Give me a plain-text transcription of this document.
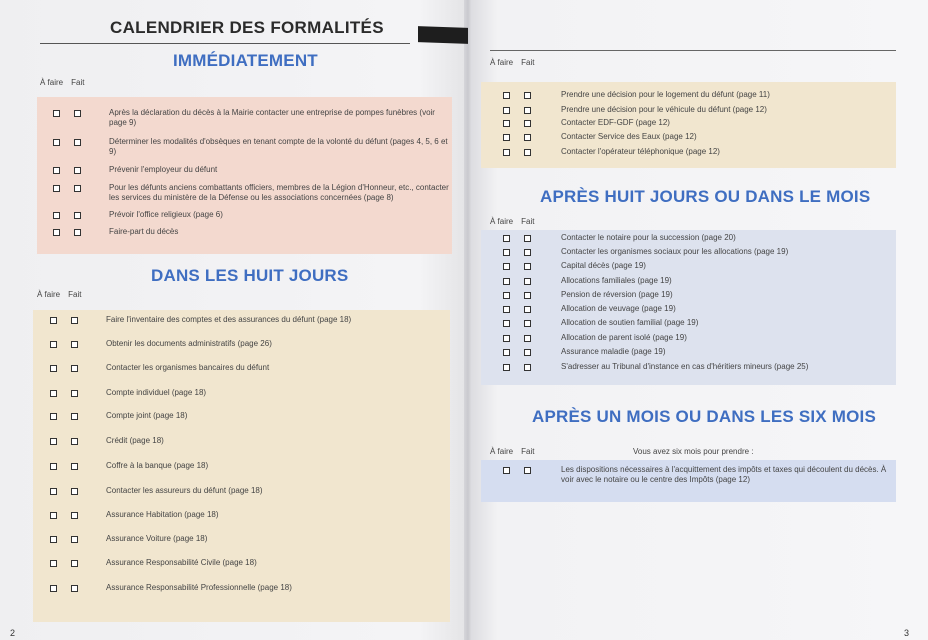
CALENDRIER DES FORMALITÉS
IMMÉDIATEMENT
À faire Fait
Après la déclaration du décès à la Mairie contacter une entreprise de pompes funèbres (voir page 9)
Déterminer les modalités d'obsèques en tenant compte de la volonté du défunt (pages 4, 5, 6 et 9)
Prévenir l'employeur du défunt
Pour les défunts anciens combattants officiers, membres de la Légion d'Honneur, etc., contacter les services du ministère de la Défense ou les associations concernées (page 8)
Prévoir l'office religieux (page 6)
Faire-part du décès
DANS LES HUIT JOURS
À faire Fait
Faire l'inventaire des comptes et des assurances du défunt (page 18)
Obtenir les documents administratifs (page 26)
Contacter les organismes bancaires du défunt
Compte individuel (page 18)
Compte joint (page 18)
Crédit (page 18)
Coffre à la banque (page 18)
Contacter les assureurs du défunt (page 18)
Assurance Habitation (page 18)
Assurance Voiture (page 18)
Assurance Responsabilité Civile (page 18)
Assurance Responsabilité Professionnelle (page 18)
À faire Fait
Prendre une décision pour le logement du défunt (page 11)
Prendre une décision pour le véhicule du défunt (page 12)
Contacter EDF-GDF (page 12)
Contacter Service des Eaux (page 12)
Contacter l'opérateur téléphonique (page 12)
APRÈS HUIT JOURS OU DANS LE MOIS
À faire Fait
Contacter le notaire pour la succession (page 20)
Contacter les organismes sociaux pour les allocations (page 19)
Capital décès (page 19)
Allocations familiales (page 19)
Pension de réversion (page 19)
Allocation de veuvage (page 19)
Allocation de soutien familial (page 19)
Allocation de parent isolé (page 19)
Assurance maladie (page 19)
S'adresser au Tribunal d'instance en cas d'héritiers mineurs (page 25)
APRÈS UN MOIS OU DANS LES SIX MOIS
À faire Fait	Vous avez six mois pour prendre :
Les dispositions nécessaires à l'acquittement des impôts et taxes qui découlent du décès. À voir avec le notaire ou le centre des Impôts (page 12)
2	3
